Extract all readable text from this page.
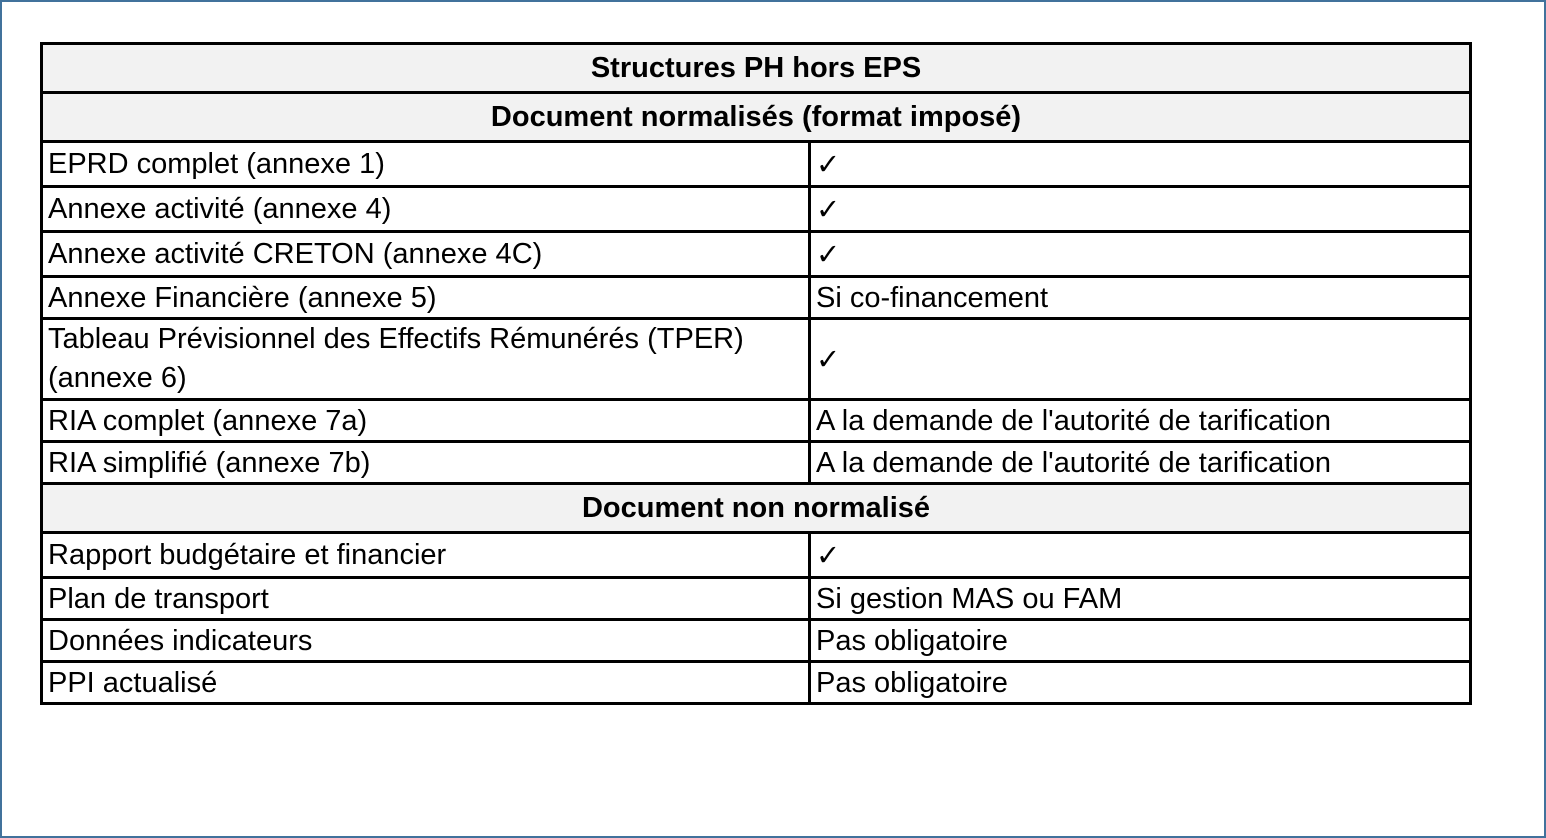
Structures PH hors EPS	
Document normalisés (format imposé)	
EPRD complet (annexe 1)	✓
Annexe activité (annexe 4)	✓
Annexe activité CRETON (annexe 4C)	✓
Annexe Financière (annexe 5)	Si co-financement
Tableau Prévisionnel des Effectifs Rémunérés (TPER) (annexe 6)	✓
RIA complet (annexe 7a)	A la demande de l'autorité de tarification
RIA simplifié (annexe 7b)	A la demande de l'autorité de tarification
Document non normalisé	
Rapport budgétaire et financier	✓
Plan de transport	Si gestion MAS ou FAM
Données indicateurs	Pas obligatoire
PPI actualisé	Pas obligatoire
